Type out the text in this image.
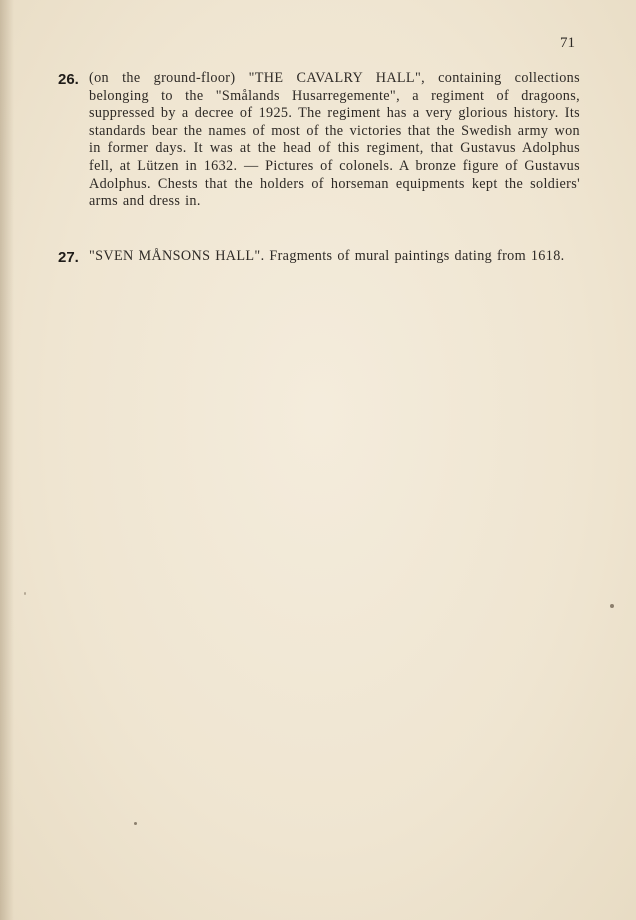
71
26. (on the ground-floor) "THE CAVALRY HALL", containing collections belonging to the "Smålands Husarregemente", a regiment of dragoons, suppressed by a decree of 1925. The regiment has a very glorious history. Its standards bear the names of most of the victories that the Swedish army won in former days. It was at the head of this regiment, that Gustavus Adolphus fell, at Lützen in 1632. — Pictures of colonels. A bronze figure of Gustavus Adolphus. Chests that the holders of horseman equipments kept the soldiers' arms and dress in.
27. "SVEN MÅNSONS HALL". Fragments of mural paintings dating from 1618.
